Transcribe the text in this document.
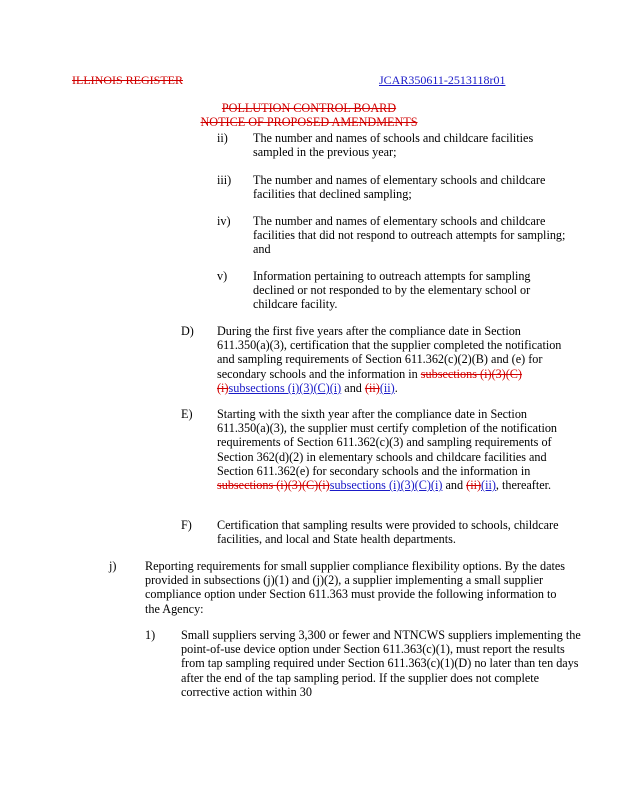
ILLINOIS REGISTER	JCAR350611-2513118r01
POLLUTION CONTROL BOARD
NOTICE OF PROPOSED AMENDMENTS
ii) The number and names of schools and childcare facilities sampled in the previous year;
iii) The number and names of elementary schools and childcare facilities that declined sampling;
iv) The number and names of elementary schools and childcare facilities that did not respond to outreach attempts for sampling; and
v) Information pertaining to outreach attempts for sampling declined or not responded to by the elementary school or childcare facility.
D) During the first five years after the compliance date in Section 611.350(a)(3), certification that the supplier completed the notification and sampling requirements of Section 611.362(c)(2)(B) and (e) for secondary schools and the information in subsections (i)(3)(C)(i)subsections (i)(3)(C)(i) and (ii)(ii).
E) Starting with the sixth year after the compliance date in Section 611.350(a)(3), the supplier must certify completion of the notification requirements of Section 611.362(c)(3) and sampling requirements of Section 362(d)(2) in elementary schools and childcare facilities and Section 611.362(e) for secondary schools and the information in subsections (i)(3)(C)(i)subsections (i)(3)(C)(i) and (ii)(ii), thereafter.
F) Certification that sampling results were provided to schools, childcare facilities, and local and State health departments.
j) Reporting requirements for small supplier compliance flexibility options. By the dates provided in subsections (j)(1) and (j)(2), a supplier implementing a small supplier compliance option under Section 611.363 must provide the following information to the Agency:
1) Small suppliers serving 3,300 or fewer and NTNCWS suppliers implementing the point-of-use device option under Section 611.363(c)(1), must report the results from tap sampling required under Section 611.363(c)(1)(D) no later than ten days after the end of the tap sampling period. If the supplier does not complete corrective action within 30
